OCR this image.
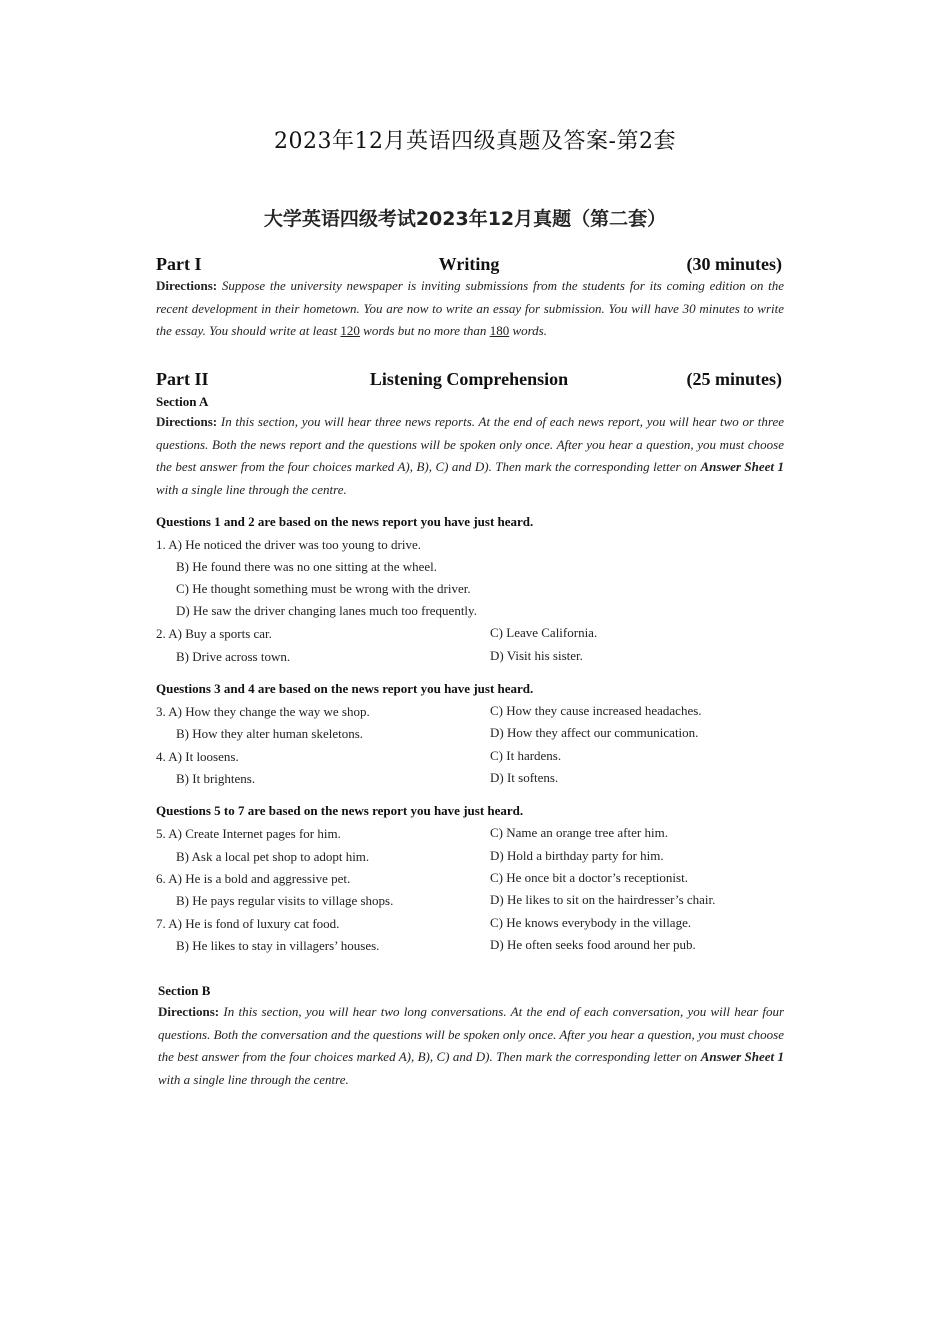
2023年12月英语四级真题及答案-第2套
大学英语四级考试2023年12月真题（第二套）
Part I	Writing	(30 minutes)
Directions: Suppose the university newspaper is inviting submissions from the students for its coming edition on the recent development in their hometown. You are now to write an essay for submission. You will have 30 minutes to write the essay. You should write at least 120 words but no more than 180 words.
Part II	Listening Comprehension	(25 minutes)
Section A
Directions: In this section, you will hear three news reports. At the end of each news report, you will hear two or three questions. Both the news report and the questions will be spoken only once. After you hear a question, you must choose the best answer from the four choices marked A), B), C) and D). Then mark the corresponding letter on Answer Sheet 1 with a single line through the centre.
Questions 1 and 2 are based on the news report you have just heard.
1. A) He noticed the driver was too young to drive.
B) He found there was no one sitting at the wheel.
C) He thought something must be wrong with the driver.
D) He saw the driver changing lanes much too frequently.
2. A) Buy a sports car.	C) Leave California.
B) Drive across town.	D) Visit his sister.
Questions 3 and 4 are based on the news report you have just heard.
3. A) How they change the way we shop.	C) How they cause increased headaches.
B) How they alter human skeletons.	D) How they affect our communication.
4. A) It loosens.	C) It hardens.
B) It brightens.	D) It softens.
Questions 5 to 7 are based on the news report you have just heard.
5. A) Create Internet pages for him.	C) Name an orange tree after him.
B) Ask a local pet shop to adopt him.	D) Hold a birthday party for him.
6. A) He is a bold and aggressive pet.	C) He once bit a doctor’s receptionist.
B) He pays regular visits to village shops.	D) He likes to sit on the hairdresser’s chair.
7. A) He is fond of luxury cat food.	C) He knows everybody in the village.
B) He likes to stay in villagers’ houses.	D) He often seeks food around her pub.
Section B
Directions: In this section, you will hear two long conversations. At the end of each conversation, you will hear four questions. Both the conversation and the questions will be spoken only once. After you hear a question, you must choose the best answer from the four choices marked A), B), C) and D). Then mark the corresponding letter on Answer Sheet 1 with a single line through the centre.
